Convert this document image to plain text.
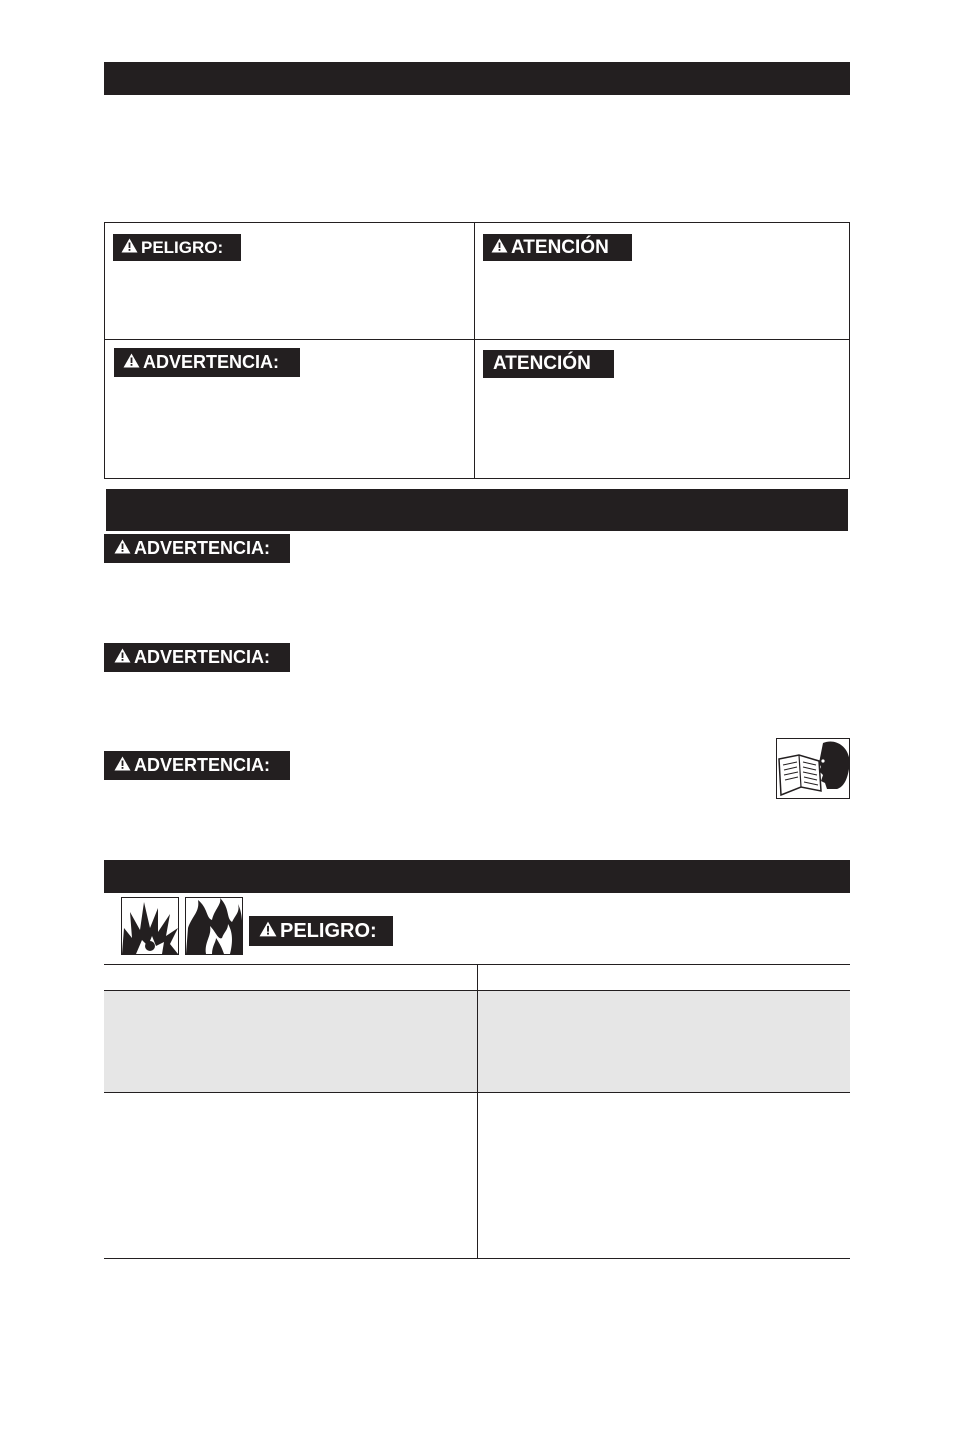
PELIGRO:	ATENCIÓN
ADVERTENCIA:	ATENCIÓN
ADVERTENCIA:
ADVERTENCIA:
ADVERTENCIA:
PELIGRO:
